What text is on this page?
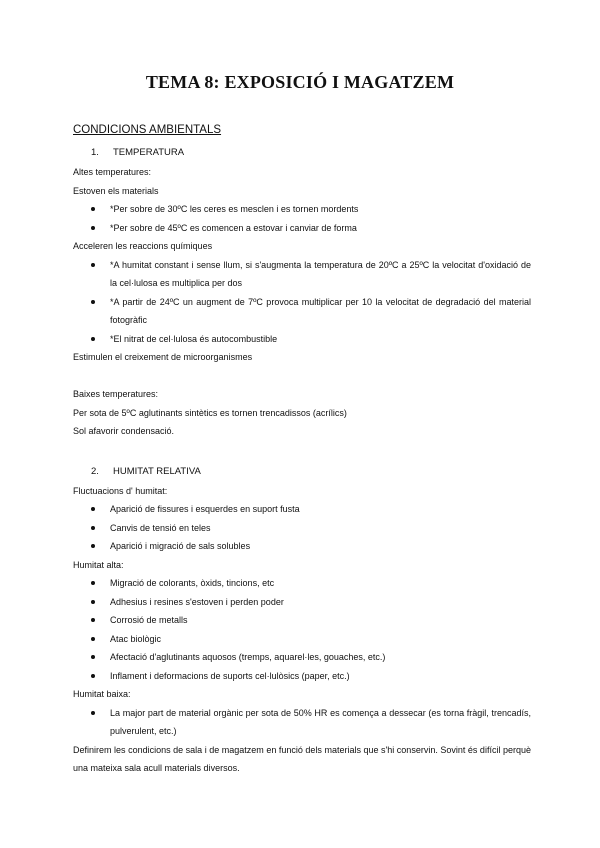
TEMA 8: EXPOSICIÓ I MAGATZEM
CONDICIONS AMBIENTALS
1. TEMPERATURA
Altes temperatures:
Estoven els materials
*Per sobre de 30ºC les ceres es mesclen i es tornen mordents
*Per sobre de 45ºC es comencen a estovar i canviar de forma
Acceleren les reaccions químiques
*A humitat constant i sense llum, si s'augmenta la temperatura de 20ºC a 25ºC la velocitat d'oxidació de la cel·lulosa es multiplica per dos
*A partir de 24ºC un augment de 7ºC provoca multiplicar per 10 la velocitat de degradació del material fotogràfic
*El nitrat de cel·lulosa és autocombustible
Estimulen el creixement de microorganismes
Baixes temperatures:
Per sota de 5ºC aglutinants sintètics es tornen trencadissos (acrílics)
Sol afavorir condensació.
2. HUMITAT RELATIVA
Fluctuacions d' humitat:
Aparició de fissures i esquerdes en suport fusta
Canvis de tensió en teles
Aparició i migració de sals solubles
Humitat alta:
Migració de colorants, òxids, tincions, etc
Adhesius i resines s'estoven i perden poder
Corrosió de metalls
Atac biològic
Afectació d'aglutinants aquosos (tremps, aquarel·les, gouaches, etc.)
Inflament i deformacions de suports cel·lulòsics (paper, etc.)
Humitat baixa:
La major part de material orgànic per sota de 50% HR es comença a dessecar (es torna fràgil, trencadís, pulverulent, etc.)
Definirem les condicions de sala i de magatzem en funció dels materials que s'hi conservin. Sovint és difícil perquè una mateixa sala acull materials diversos.
